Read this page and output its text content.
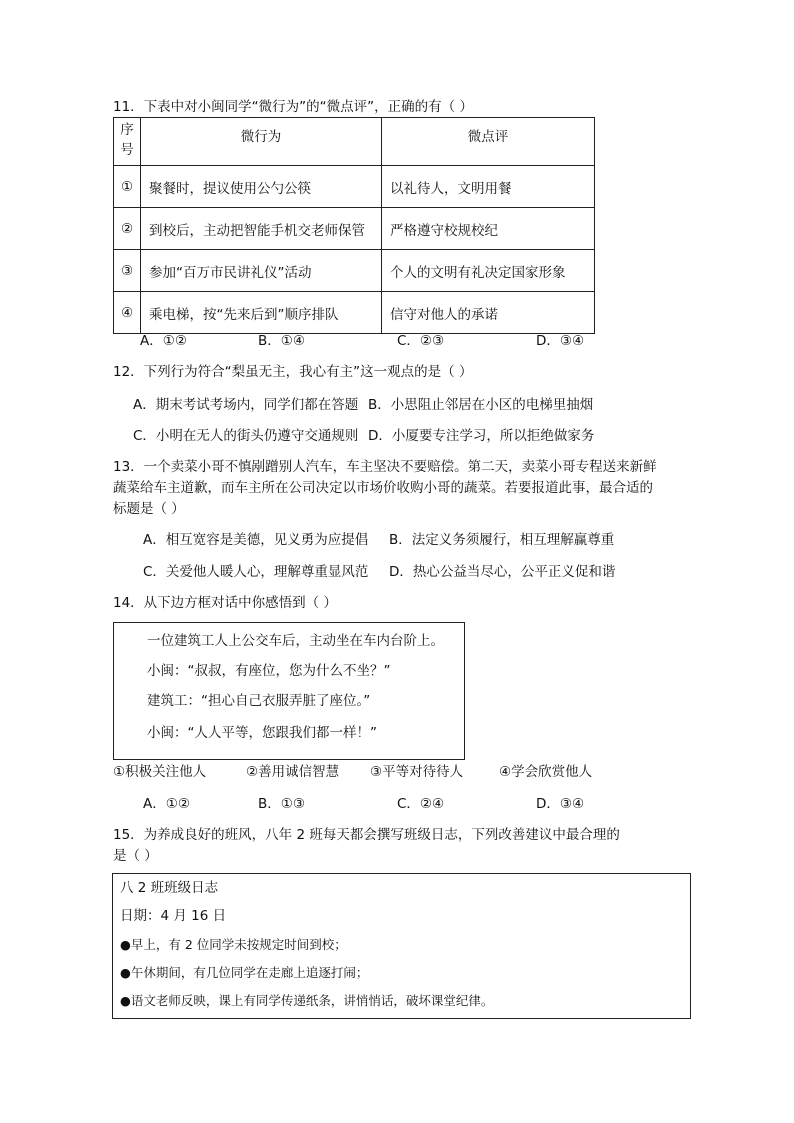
11．下表中对小闽同学“微行为”的“微点评”，正确的有（ ）
序号	微行为	微点评
①	聚餐时，提议使用公勺公筷	以礼待人，文明用餐
②	到校后，主动把智能手机交老师保管	严格遵守校规校纪
③	参加“百万市民讲礼仪”活动	个人的文明有礼决定国家形象
④	乘电梯，按“先来后到”顺序排队	信守对他人的承诺
A．①②	B．①④	C．②③	D．③④
12．下列行为符合“梨虽无主，我心有主”这一观点的是（ ）
A．期末考试考场内，同学们都在答题 B．小思阻止邻居在小区的电梯里抽烟
C．小明在无人的街头仍遵守交通规则 D．小厦要专注学习，所以拒绝做家务
13．一个卖菜小哥不慎剐蹭别人汽车，车主坚决不要赔偿。第二天，卖菜小哥专程送来新鲜
蔬菜给车主道歉，而车主所在公司决定以市场价收购小哥的蔬菜。若要报道此事，最合适的
标题是（ ）
A．相互宽容是美德，见义勇为应提倡 B．法定义务须履行，相互理解赢尊重
C．关爱他人暖人心，理解尊重显风范 D．热心公益当尽心，公平正义促和谐
14．从下边方框对话中你感悟到（ ）
一位建筑工人上公交车后，主动坐在车内台阶上。
小闽：“叔叔，有座位，您为什么不坐？”
建筑工：“担心自己衣服弄脏了座位。”
小闽：“人人平等，您跟我们都一样！”
①积极关注他人	②善用诚信智慧 ③平等对待待人	④学会欣赏他人
A．①②	B．①③	C．②④	D．③④
15．为养成良好的班风，八年 2 班每天都会撰写班级日志，下列改善建议中最合理的
是（ ）
八 2 班班级日志
日期：4 月 16 日
●早上，有 2 位同学未按规定时间到校；
●午休期间，有几位同学在走廊上追逐打闹；
●语文老师反映，课上有同学传递纸条，讲悄悄话，破坏课堂纪律。
